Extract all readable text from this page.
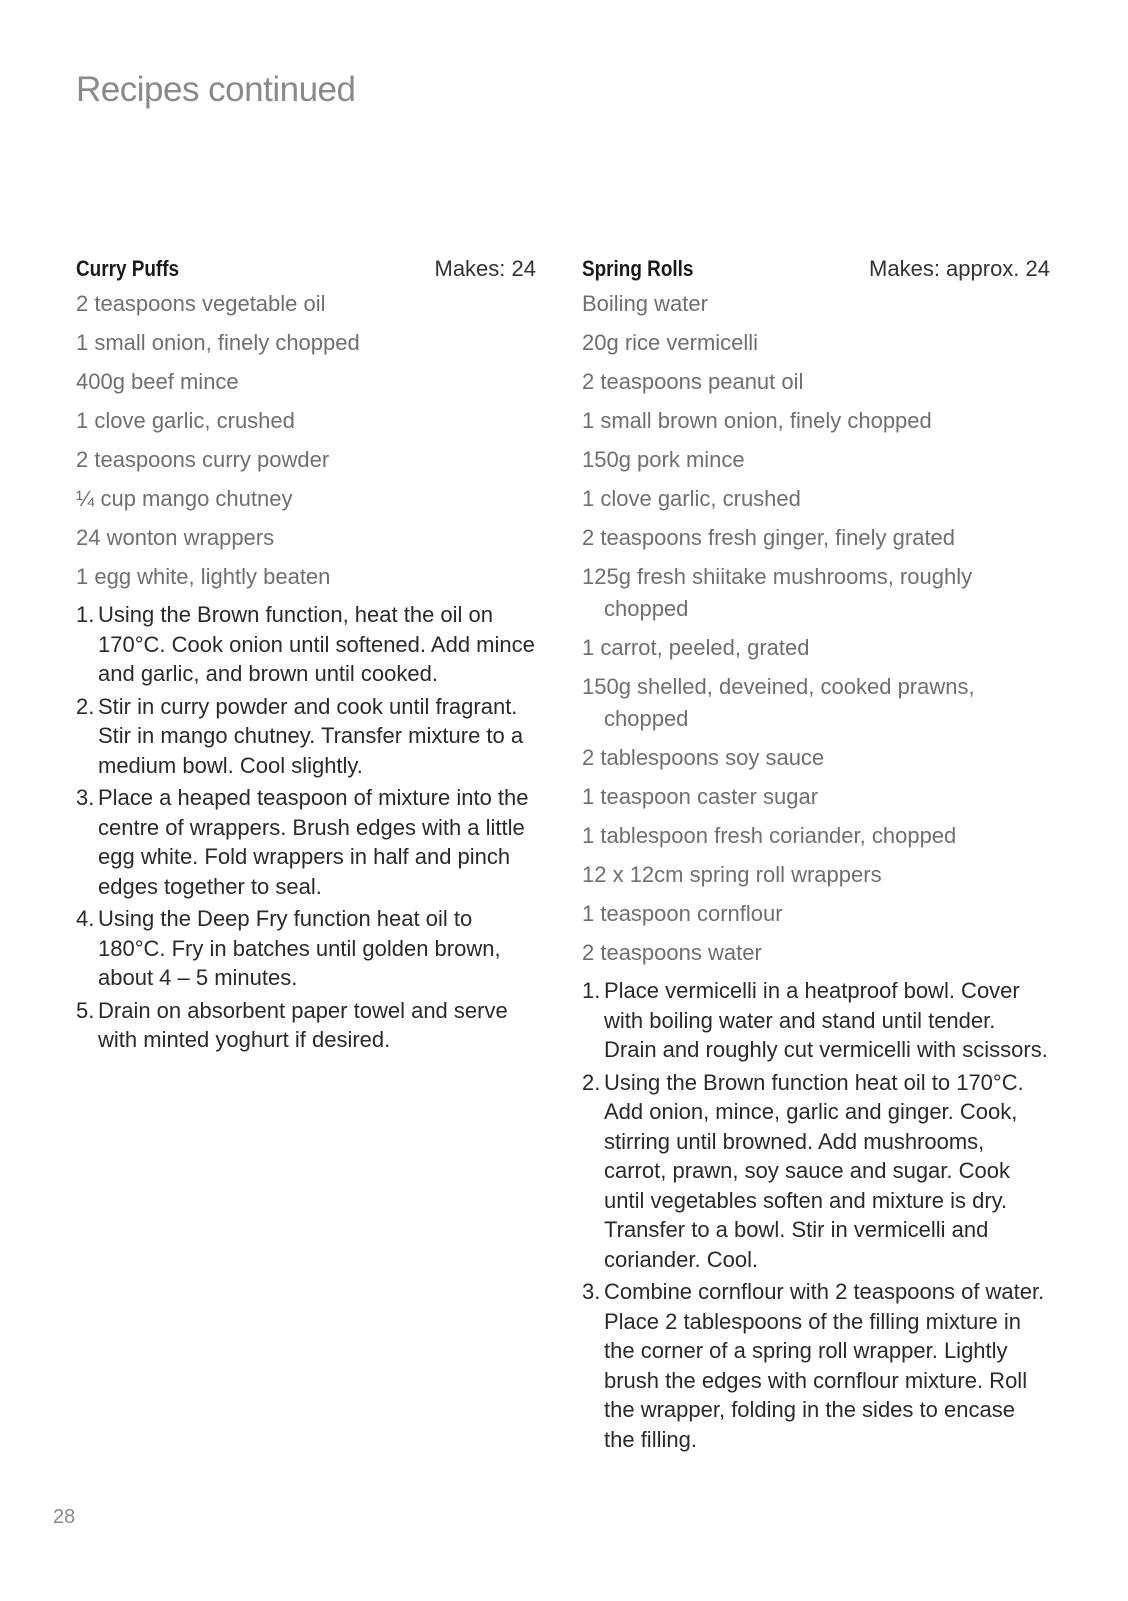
Recipes continued
Curry Puffs	Makes: 24
2 teaspoons vegetable oil
1 small onion, finely chopped
400g beef mince
1 clove garlic, crushed
2 teaspoons curry powder
¼ cup mango chutney
24 wonton wrappers
1 egg white, lightly beaten
1. Using the Brown function, heat the oil on 170°C. Cook onion until softened. Add mince and garlic, and brown until cooked.
2. Stir in curry powder and cook until fragrant. Stir in mango chutney. Transfer mixture to a medium bowl. Cool slightly.
3. Place a heaped teaspoon of mixture into the centre of wrappers. Brush edges with a little egg white. Fold wrappers in half and pinch edges together to seal.
4. Using the Deep Fry function heat oil to 180°C. Fry in batches until golden brown, about 4 – 5 minutes.
5. Drain on absorbent paper towel and serve with minted yoghurt if desired.
Spring Rolls	Makes: approx. 24
Boiling water
20g rice vermicelli
2 teaspoons peanut oil
1 small brown onion, finely chopped
150g pork mince
1 clove garlic, crushed
2 teaspoons fresh ginger, finely grated
125g fresh shiitake mushrooms, roughly chopped
1 carrot, peeled, grated
150g shelled, deveined, cooked prawns, chopped
2 tablespoons soy sauce
1 teaspoon caster sugar
1 tablespoon fresh coriander, chopped
12 x 12cm spring roll wrappers
1 teaspoon cornflour
2 teaspoons water
1. Place vermicelli in a heatproof bowl. Cover with boiling water and stand until tender. Drain and roughly cut vermicelli with scissors.
2. Using the Brown function heat oil to 170°C. Add onion, mince, garlic and ginger. Cook, stirring until browned. Add mushrooms, carrot, prawn, soy sauce and sugar. Cook until vegetables soften and mixture is dry. Transfer to a bowl. Stir in vermicelli and coriander. Cool.
3. Combine cornflour with 2 teaspoons of water. Place 2 tablespoons of the filling mixture in the corner of a spring roll wrapper. Lightly brush the edges with cornflour mixture. Roll the wrapper, folding in the sides to encase the filling.
28
